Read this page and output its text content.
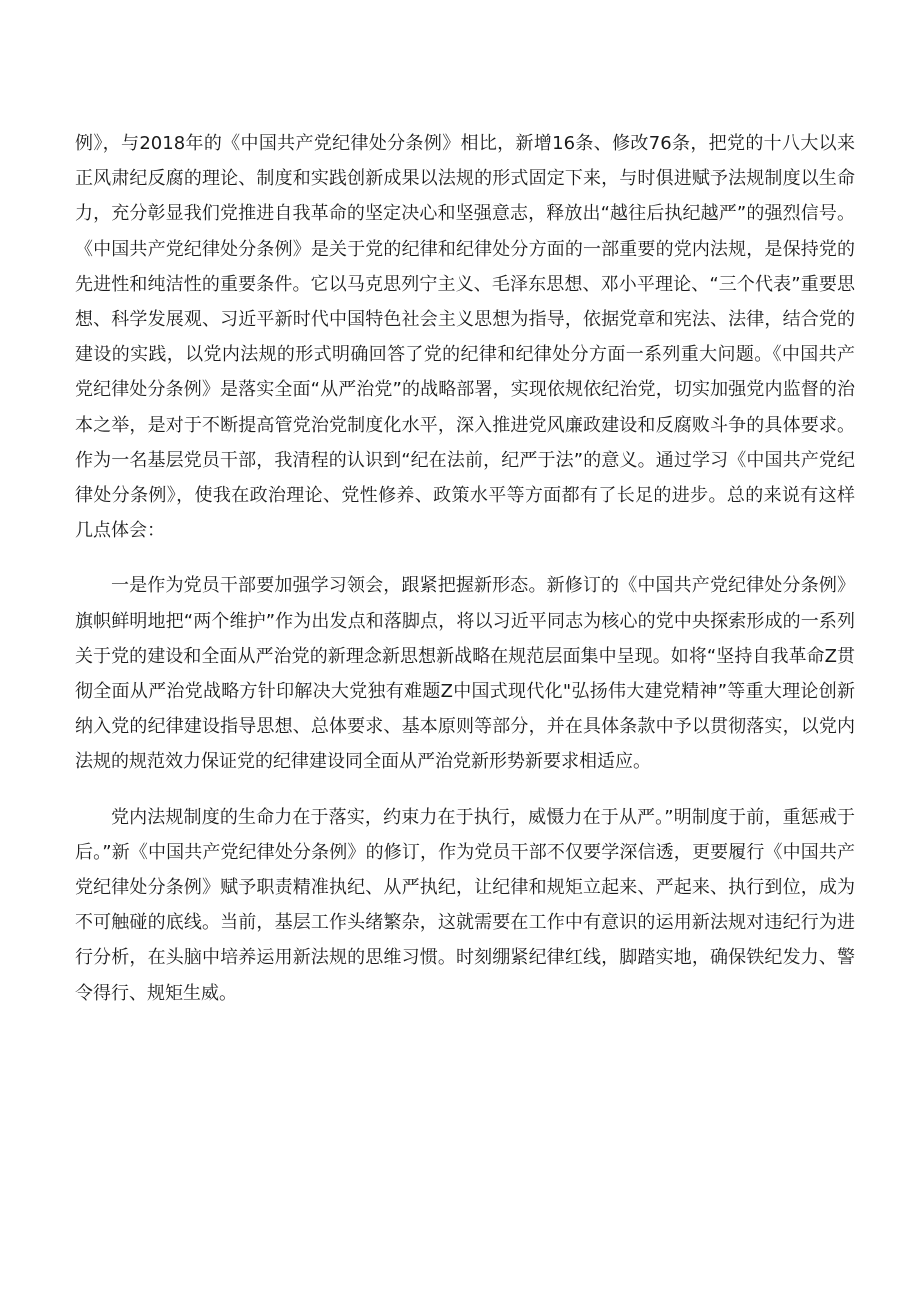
例》，与2018年的《中国共产党纪律处分条例》相比，新增16条、修改76条，把党的十八大以来正风肃纪反腐的理论、制度和实践创新成果以法规的形式固定下来，与时俱进赋予法规制度以生命力，充分彰显我们党推进自我革命的坚定决心和坚强意志，释放出“越往后执纪越严”的强烈信号。《中国共产党纪律处分条例》是关于党的纪律和纪律处分方面的一部重要的党内法规，是保持党的先进性和纯洁性的重要条件。它以马克思列宁主义、毛泽东思想、邓小平理论、“三个代表”重要思想、科学发展观、习近平新时代中国特色社会主义思想为指导，依据党章和宪法、法律，结合党的建设的实践，以党内法规的形式明确回答了党的纪律和纪律处分方面一系列重大问题。《中国共产党纪律处分条例》是落实全面“从严治党”的战略部署，实现依规依纪治党，切实加强党内监督的治本之举，是对于不断提高管党治党制度化水平，深入推进党风廉政建设和反腐败斗争的具体要求。作为一名基层党员干部，我清程的认识到“纪在法前，纪严于法”的意义。通过学习《中国共产党纪律处分条例》，使我在政治理论、党性修养、政策水平等方面都有了长足的进步。总的来说有这样几点体会：

一是作为党员干部要加强学习领会，跟紧把握新形态。新修订的《中国共产党纪律处分条例》旗帜鲜明地把“两个维护”作为出发点和落脚点，将以习近平同志为核心的党中央探索形成的一系列关于党的建设和全面从严治党的新理念新思想新战略在规范层面集中呈现。如将“坚持自我革命Z贯彻全面从严治党战略方针印解决大党独有难题Z中国式现代化"弘扬伟大建党精神”等重大理论创新纳入党的纪律建设指导思想、总体要求、基本原则等部分，并在具体条款中予以贯彻落实，以党内法规的规范效力保证党的纪律建设同全面从严治党新形势新要求相适应。

党内法规制度的生命力在于落实，约束力在于执行，威慑力在于从严。”明制度于前，重惩戒于后。”新《中国共产党纪律处分条例》的修订，作为党员干部不仅要学深信透，更要履行《中国共产党纪律处分条例》赋予职责精准执纪、从严执纪，让纪律和规矩立起来、严起来、执行到位，成为不可触碰的底线。当前，基层工作头绪繁杂，这就需要在工作中有意识的运用新法规对违纪行为进行分析，在头脑中培养运用新法规的思维习惯。时刻绷紧纪律红线，脚踏实地，确保铁纪发力、警令得行、规矩生威。
